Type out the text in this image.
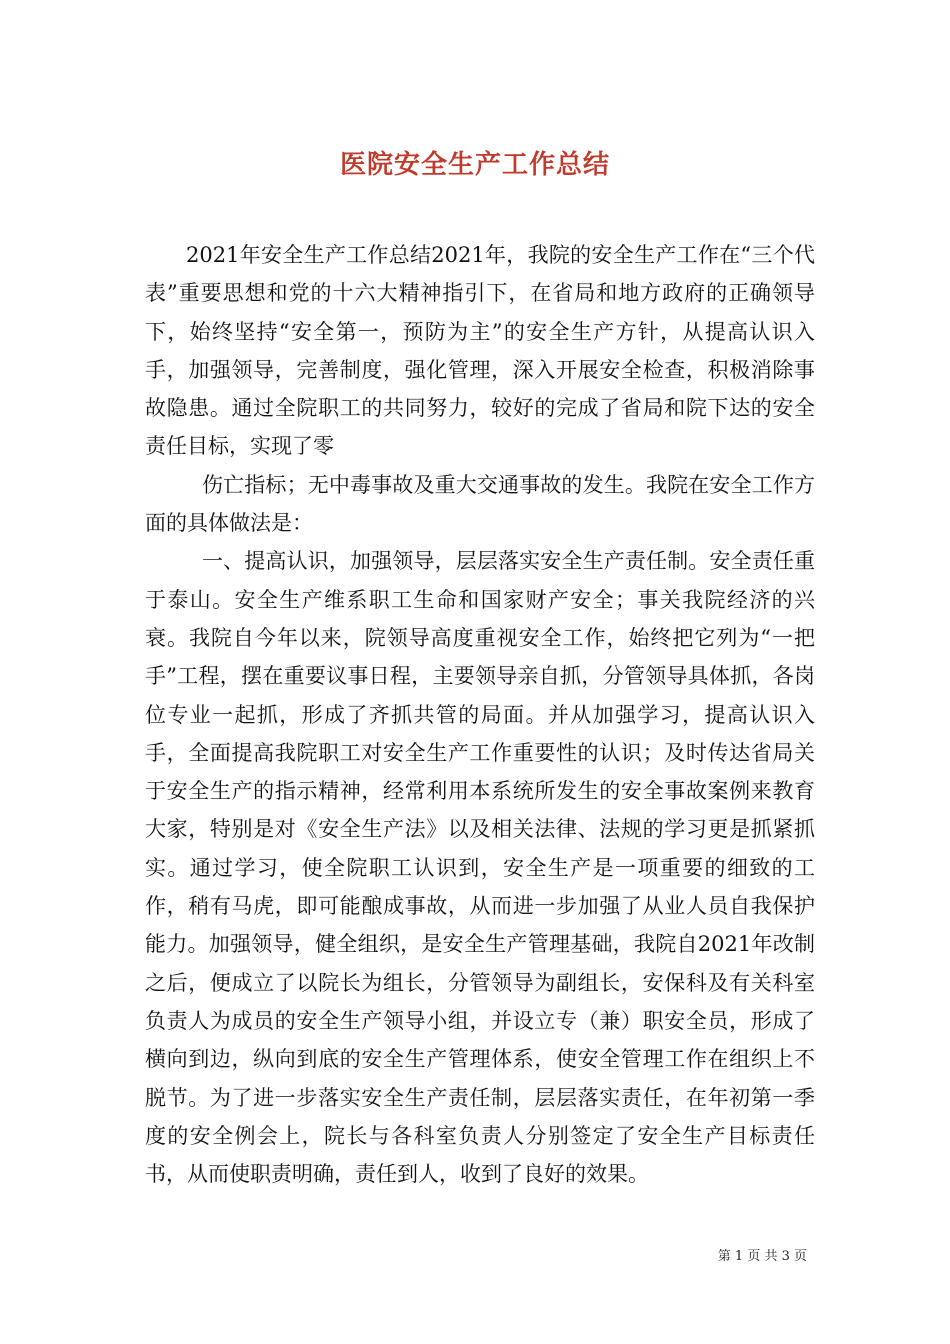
医院安全生产工作总结

2021年安全生产工作总结2021年，我院的安全生产工作在“三个代表”重要思想和党的十六大精神指引下，在省局和地方政府的正确领导下，始终坚持“安全第一，预防为主”的安全生产方针，从提高认识入手，加强领导，完善制度，强化管理，深入开展安全检查，积极消除事故隐患。通过全院职工的共同努力，较好的完成了省局和院下达的安全责任目标，实现了零

伤亡指标；无中毒事故及重大交通事故的发生。我院在安全工作方面的具体做法是：

一、提高认识，加强领导，层层落实安全生产责任制。安全责任重于泰山。安全生产维系职工生命和国家财产安全；事关我院经济的兴衰。我院自今年以来，院领导高度重视安全工作，始终把它列为“一把手”工程，摆在重要议事日程，主要领导亲自抓，分管领导具体抓，各岗位专业一起抓，形成了齐抓共管的局面。并从加强学习，提高认识入手，全面提高我院职工对安全生产工作重要性的认识；及时传达省局关于安全生产的指示精神，经常利用本系统所发生的安全事故案例来教育大家，特别是对《安全生产法》以及相关法律、法规的学习更是抓紧抓实。通过学习，使全院职工认识到，安全生产是一项重要的细致的工作，稍有马虎，即可能酿成事故，从而进一步加强了从业人员自我保护能力。加强领导，健全组织，是安全生产管理基础，我院自2021年改制之后，便成立了以院长为组长，分管领导为副组长，安保科及有关科室负责人为成员的安全生产领导小组，并设立专（兼）职安全员，形成了横向到边，纵向到底的安全生产管理体系，使安全管理工作在组织上不脱节。为了进一步落实安全生产责任制，层层落实责任，在年初第一季度的安全例会上，院长与各科室负责人分别签定了安全生产目标责任书，从而使职责明确，责任到人，收到了良好的效果。

第 1 页 共 3 页
